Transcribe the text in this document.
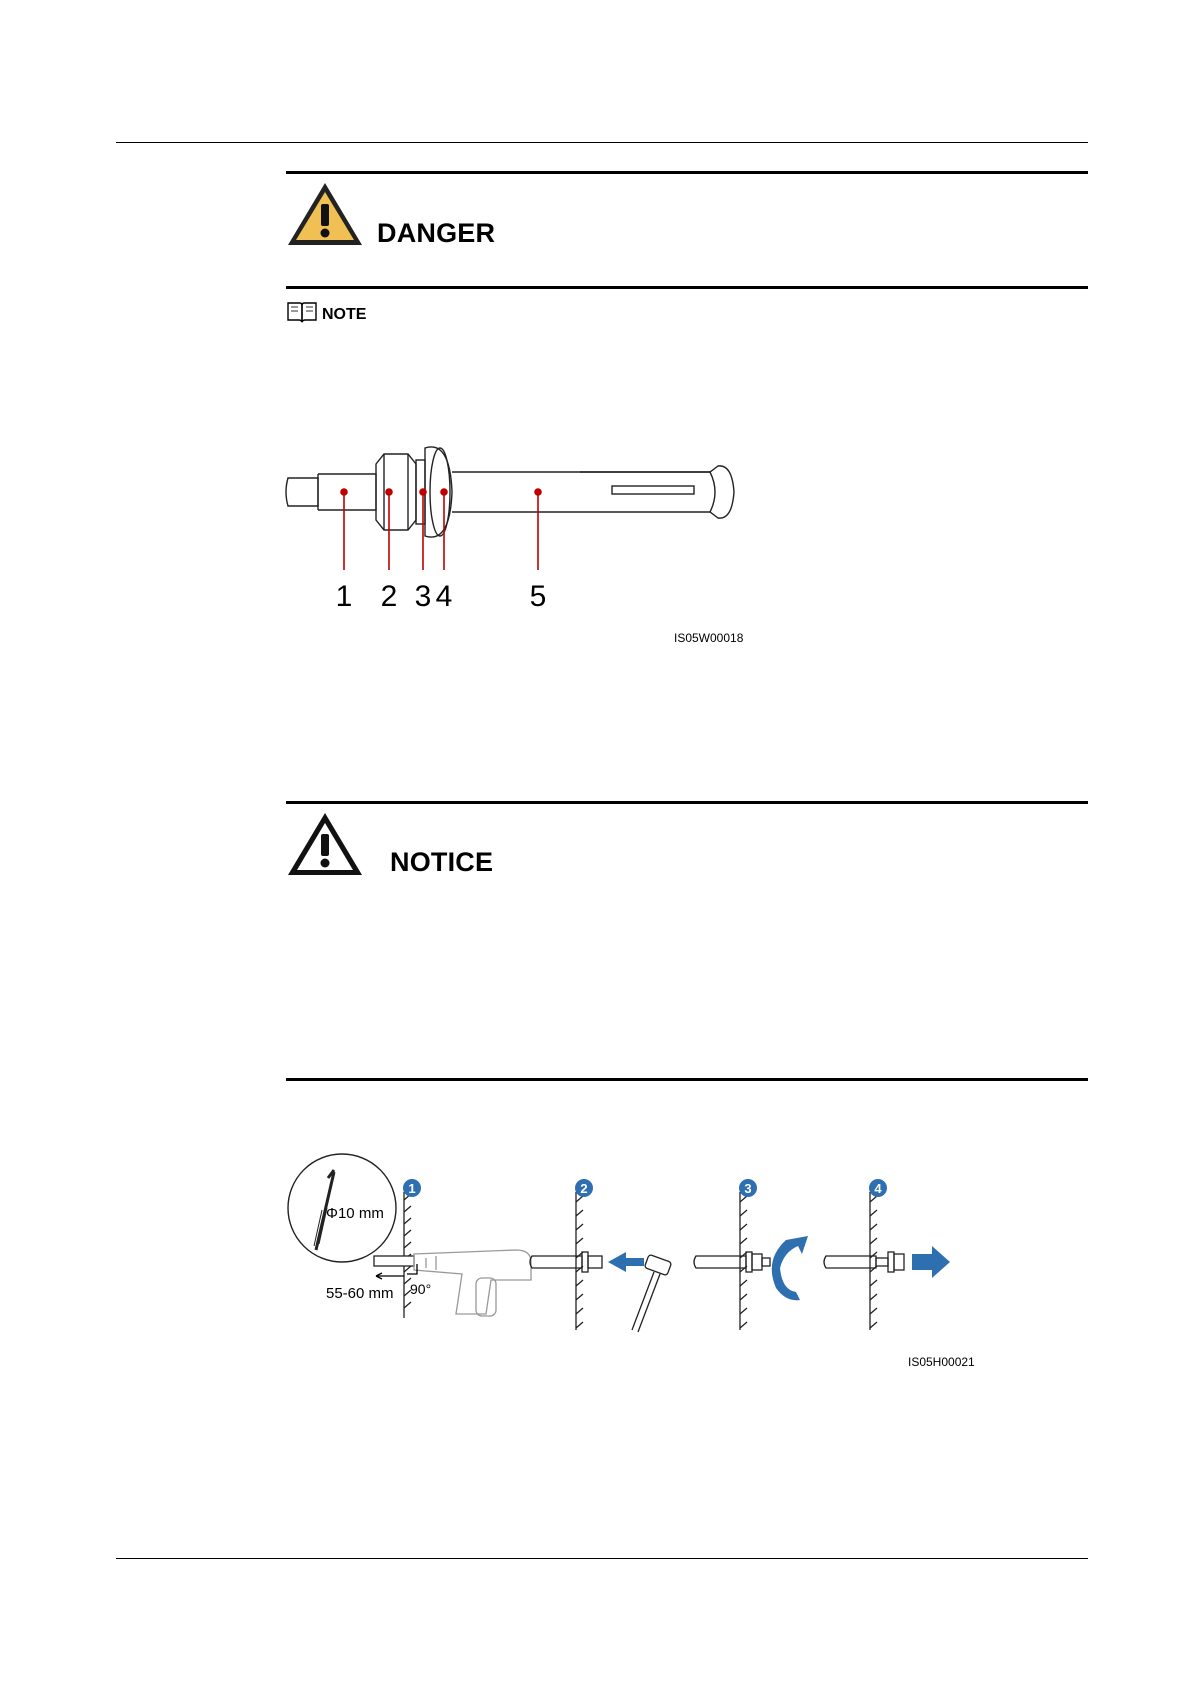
DANGER
NOTE
1 2 3 4	5
IS05W00018
NOTICE
Φ10 mm
90°
55-60 mm
1	2	3	4
IS05H00021
